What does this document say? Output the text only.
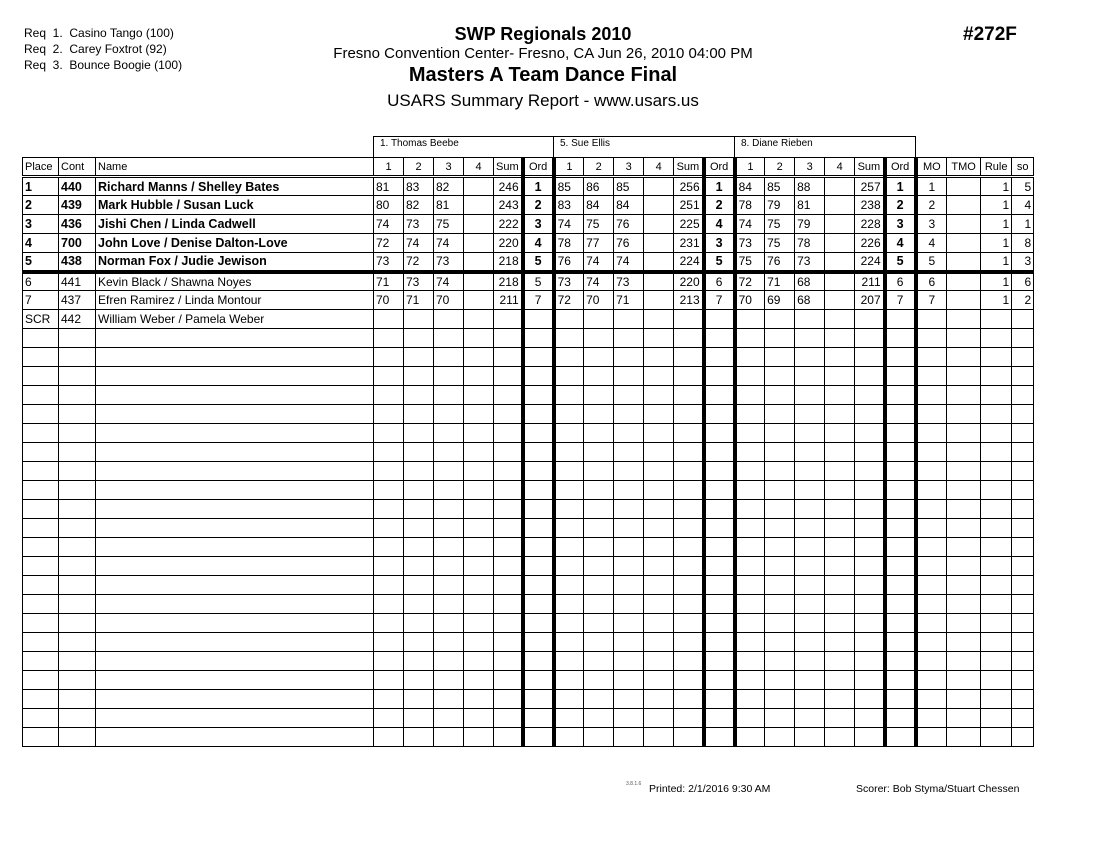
Req  1.  Casino Tango (100)
Req  2.  Carey Foxtrot (92)
Req  3.  Bounce Boogie (100)
SWP Regionals 2010
Fresno Convention Center- Fresno, CA Jun 26, 2010 04:00 PM
Masters A Team Dance Final
USARS Summary Report - www.usars.us
#272F
1. Thomas Beebe	5. Sue Ellis	8. Diane Rieben
Place	Cont	Name	1	2	3	4	Sum	Ord	1	2	3	4	Sum	Ord	1	2	3	4	Sum	Ord	MO	TMO	Rule	so
1	440	Richard Manns / Shelley Bates	81	83	82		246	1	85	86	85		256	1	84	85	88		257	1	1		1	5
2	439	Mark Hubble / Susan Luck	80	82	81		243	2	83	84	84		251	2	78	79	81		238	2	2		1	4
3	436	Jishi Chen / Linda Cadwell	74	73	75		222	3	74	75	76		225	4	74	75	79		228	3	3		1	1
4	700	John Love / Denise Dalton-Love	72	74	74		220	4	78	77	76		231	3	73	75	78		226	4	4		1	8
5	438	Norman Fox / Judie Jewison	73	72	73		218	5	76	74	74		224	5	75	76	73		224	5	5		1	3
6	441	Kevin Black / Shawna Noyes	71	73	74		218	5	73	74	73		220	6	72	71	68		211	6	6		1	6
7	437	Efren Ramirez / Linda Montour	70	71	70		211	7	72	70	71		213	7	70	69	68		207	7	7		1	2
SCR	442	William Weber / Pamela Weber																						

3.8.1.6 Printed: 2/1/2016 9:30 AM	Scorer: Bob Styma/Stuart Chessen
